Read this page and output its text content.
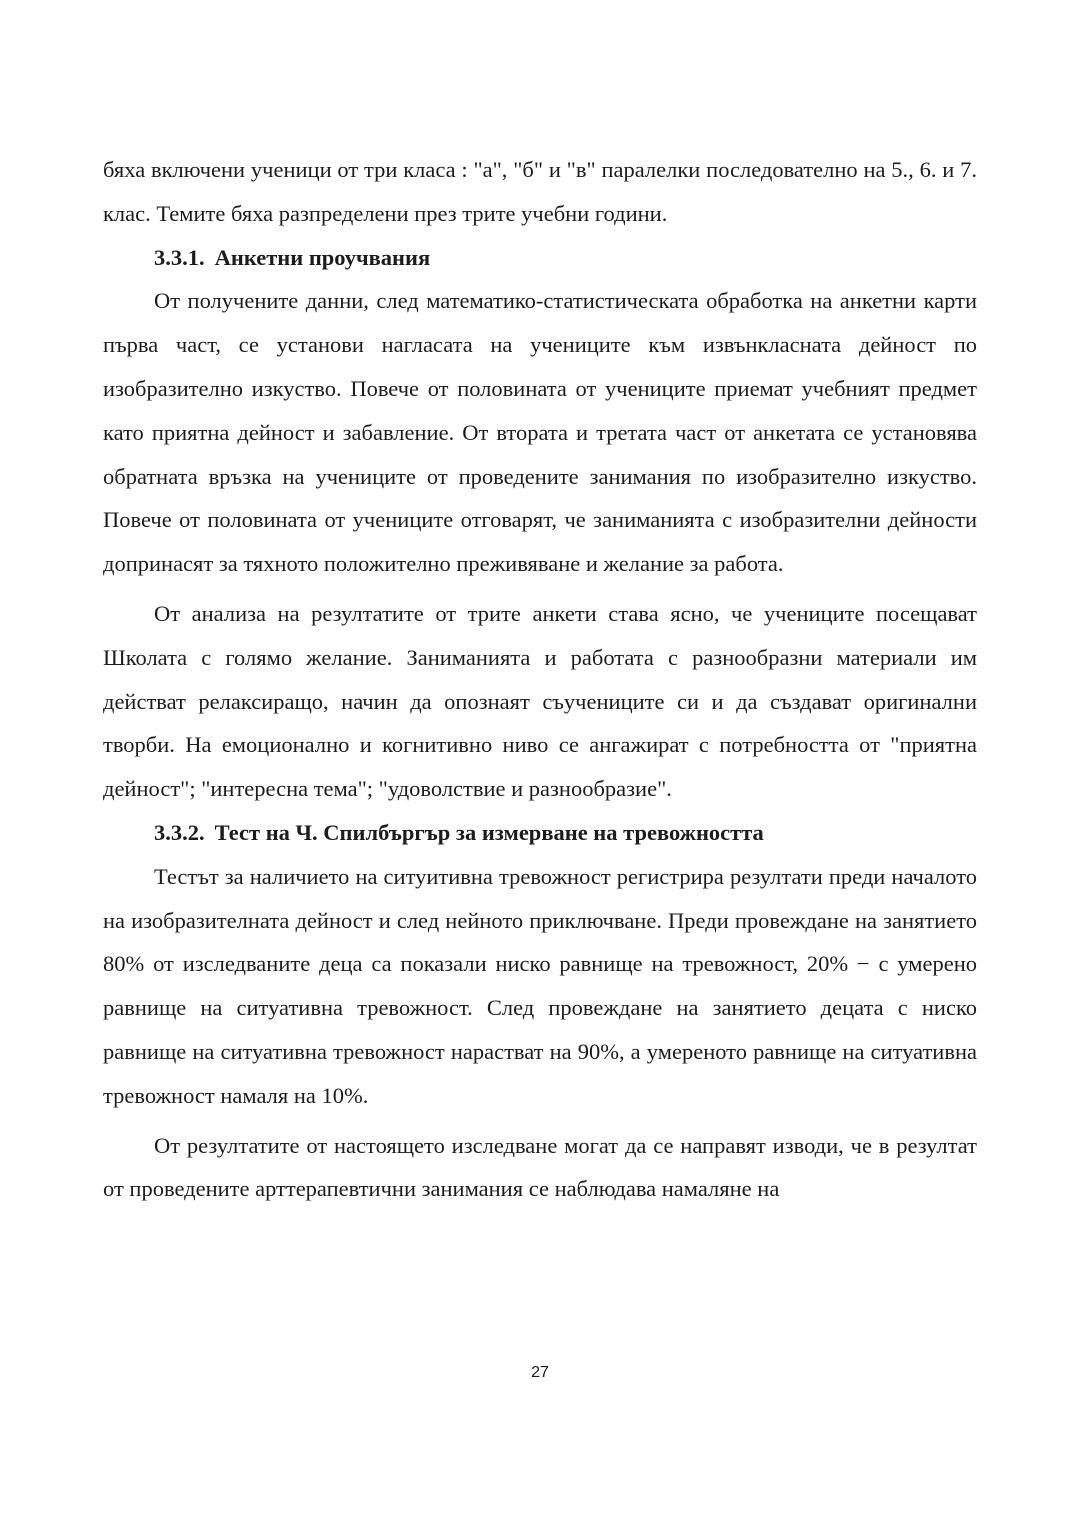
бяха включени ученици от три класа : "а", "б" и "в" паралелки последователно на 5., 6. и 7. клас. Темите бяха разпределени през трите учебни години.

3.3.1. Анкетни проучвания

От получените данни, след математико-статистическата обработка на анкетни карти първа част, се установи нагласата на учениците към извънкласната дейност по изобразително изкуство. Повече от половината от учениците приемат учебният предмет като приятна дейност и забавление. От втората и третата част от анкетата се установява обратната връзка на учениците от проведените занимания по изобразително изкуство. Повече от половината от учениците отговарят, че заниманията с изобразителни дейности допринасят за тяхното положително преживяване и желание за работа.

От анализа на резултатите от трите анкети става ясно, че учениците посещават Школата с голямо желание. Заниманията и работата с разнообразни материали им действат релаксиращо, начин да опознаят съучениците си и да създават оригинални творби. На емоционално и когнитивно ниво се ангажират с потребността от "приятна дейност"; "интересна тема"; "удоволствие и разнообразие".

3.3.2. Тест на Ч. Спилбъргър за измерване на тревожността

Тестът за наличието на ситуитивна тревожност регистрира резултати преди началото на изобразителната дейност и след нейното приключване. Преди провеждане на занятието 80% от изследваните деца са показали ниско равнище на тревожност, 20% − с умерено равнище на ситуативна тревожност. След провеждане на занятието децата с ниско равнище на ситуативна тревожност нарастват на 90%, а умереното равнище на ситуативна тревожност намаля на 10%.

От резултатите от настоящето изследване могат да се направят изводи, че в резултат от проведените арттерапевтични занимания се наблюдава намаляне на

27
